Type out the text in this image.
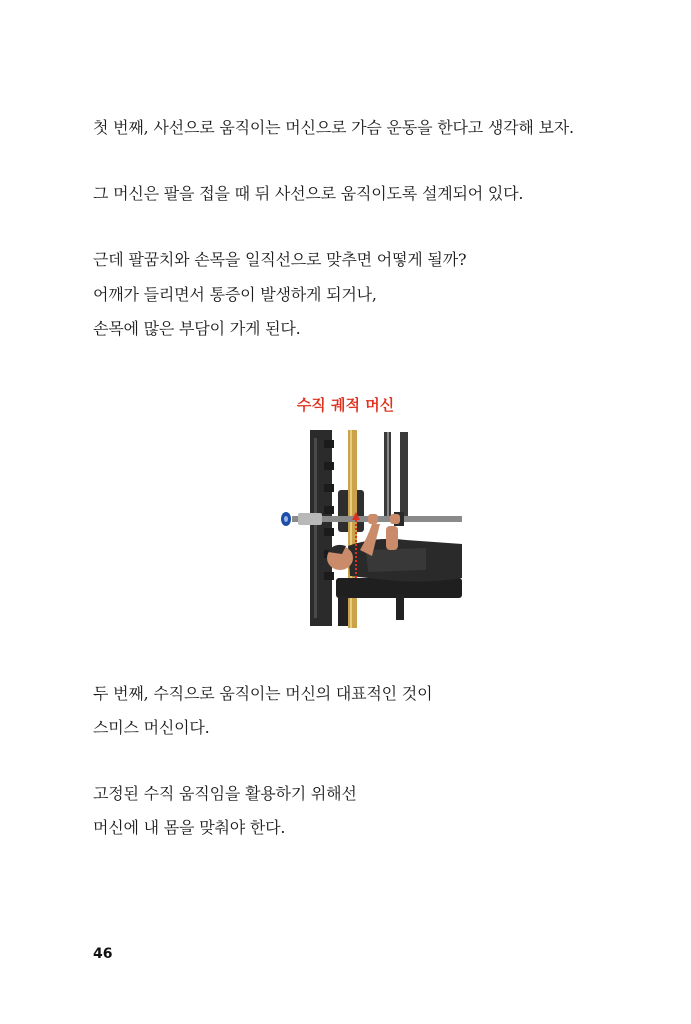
첫 번째, 사선으로 움직이는 머신으로 가슴 운동을 한다고 생각해 보자.
그 머신은 팔을 접을 때 뒤 사선으로 움직이도록 설계되어 있다.
근데 팔꿈치와 손목을 일직선으로 맞추면 어떻게 될까?
어깨가 들리면서 통증이 발생하게 되거나,
손목에 많은 부담이 가게 된다.
수직 궤적 머신
두 번째, 수직으로 움직이는 머신의 대표적인 것이
스미스 머신이다.
고정된 수직 움직임을 활용하기 위해선
머신에 내 몸을 맞춰야 한다.
46
